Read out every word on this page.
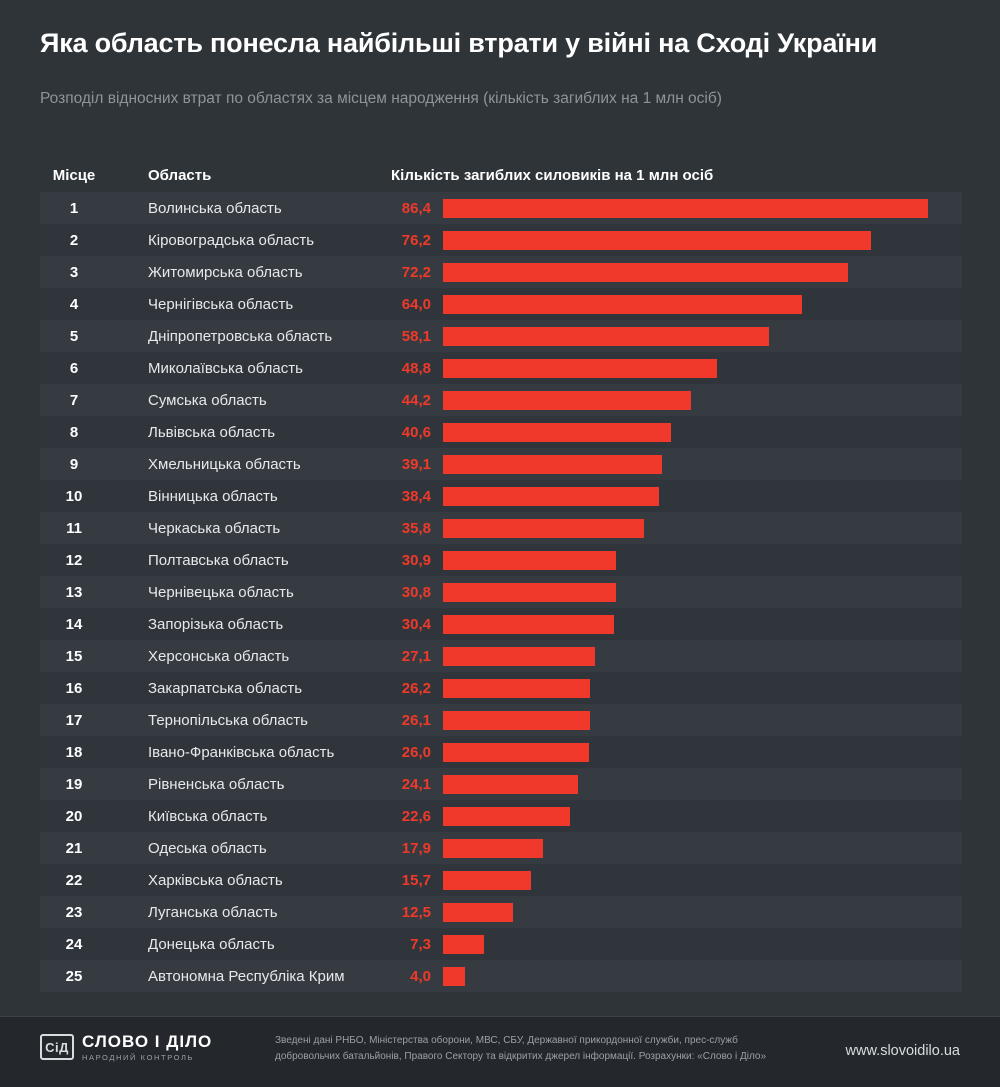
Яка область понесла найбільші втрати у війні на Сході України
Розподіл відносних втрат по областях за місцем народження (кількість загиблих на 1 млн осіб)
Місце	Область	Кількість загиблих силовиків на 1 млн осіб
1	Волинська область	86,4
2	Кіровоградська область	76,2
3	Житомирська область	72,2
4	Чернігівська область	64,0
5	Дніпропетровська область	58,1
6	Миколаївська область	48,8
7	Сумська область	44,2
8	Львівська область	40,6
9	Хмельницька область	39,1
10	Вінницька область	38,4
11	Черкаська область	35,8
12	Полтавська область	30,9
13	Чернівецька область	30,8
14	Запорізька область	30,4
15	Херсонська область	27,1
16	Закарпатська область	26,2
17	Тернопільська область	26,1
18	Івано-Франківська область	26,0
19	Рівненська область	24,1
20	Київська область	22,6
21	Одеська область	17,9
22	Харківська область	15,7
23	Луганська область	12,5
24	Донецька область	7,3
25	Автономна Республіка Крим	4,0
СіД СЛОВО І ДІЛО
НАРОДНИЙ КОНТРОЛЬ
Зведені дані РНБО, Міністерства оборони, МВС, СБУ, Державної прикордонної служби, прес-служб добровольчих батальйонів, Правого Сектору та відкритих джерел інформації. Розрахунки: «Слово і Діло»	www.slovoidilo.ua
